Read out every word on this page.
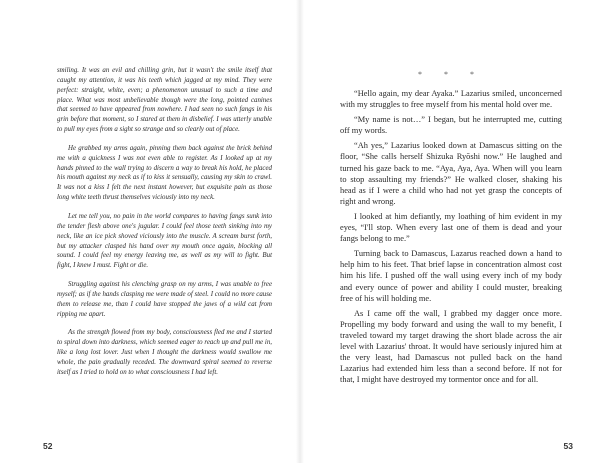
smiling. It was an evil and chilling grin, but it wasn't the smile itself that caught my attention, it was his teeth which jagged at my mind. They were perfect: straight, white, even; a phenomenon unusual to such a time and place. What was most unbelievable though were the long, pointed canines that seemed to have appeared from nowhere. I had seen no such fangs in his grin before that moment, so I stared at them in disbelief. I was utterly unable to pull my eyes from a sight so strange and so clearly out of place.

He grabbed my arms again, pinning them back against the brick behind me with a quickness I was not even able to register. As I looked up at my hands pinned to the wall trying to discern a way to break his hold, he placed his mouth against my neck as if to kiss it sensually, causing my skin to crawl. It was not a kiss I felt the next instant however, but exquisite pain as those long white teeth thrust themselves viciously into my neck.

Let me tell you, no pain in the world compares to having fangs sunk into the tender flesh above one's jugular. I could feel those teeth sinking into my neck, like an ice pick shoved viciously into the muscle. A scream burst forth, but my attacker clasped his hand over my mouth once again, blocking all sound. I could feel my energy leaving me, as well as my will to fight. But fight, I knew I must. Fight or die.

Struggling against his clenching grasp on my arms, I was unable to free myself; as if the hands clasping me were made of steel. I could no more cause them to release me, than I could have stopped the jaws of a wild cat from ripping me apart.

As the strength flowed from my body, consciousness fled me and I started to spiral down into darkness, which seemed eager to reach up and pull me in, like a long lost lover. Just when I thought the darkness would swallow me whole, the pain gradually receded. The downward spiral seemed to reverse itself as I tried to hold on to what consciousness I had left.

* * *

“Hello again, my dear Ayaka.” Lazarius smiled, unconcerned with my struggles to free myself from his mental hold over me.

“My name is not…” I began, but he interrupted me, cutting off my words.

“Ah yes,” Lazarius looked down at Damascus sitting on the floor, “She calls herself Shizuka Ryōshi now.” He laughed and turned his gaze back to me. “Aya, Aya, Aya. When will you learn to stop assaulting my friends?” He walked closer, shaking his head as if I were a child who had not yet grasp the concepts of right and wrong.

I looked at him defiantly, my loathing of him evident in my eyes, “I'll stop. When every last one of them is dead and your fangs belong to me.”

Turning back to Damascus, Lazarus reached down a hand to help him to his feet. That brief lapse in concentration almost cost him his life. I pushed off the wall using every inch of my body and every ounce of power and ability I could muster, breaking free of his will holding me.

As I came off the wall, I grabbed my dagger once more. Propelling my body forward and using the wall to my benefit, I traveled toward my target drawing the short blade across the air level with Lazarius' throat. It would have seriously injured him at the very least, had Damascus not pulled back on the hand Lazarius had extended him less than a second before. If not for that, I might have destroyed my tormentor once and for all.

52	53
